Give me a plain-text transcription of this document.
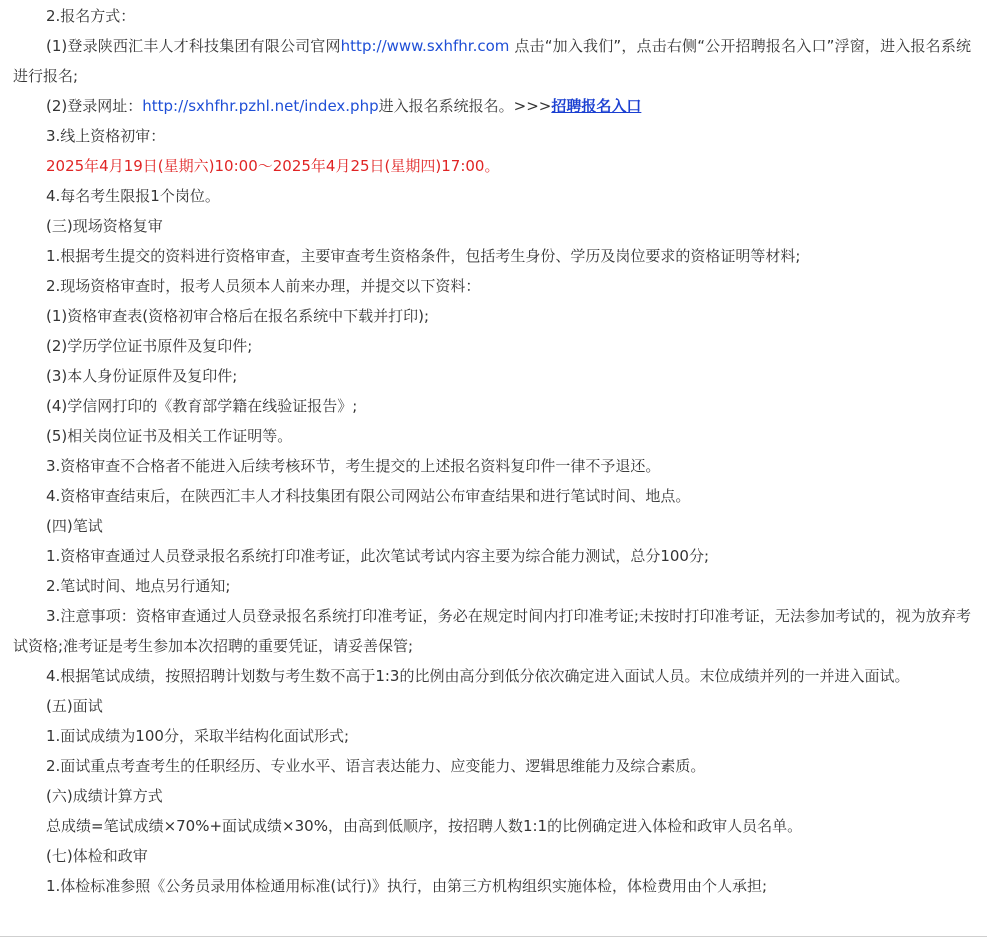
2.报名方式：

(1)登录陕西汇丰人才科技集团有限公司官网http://www.sxhfhr.com 点击“加入我们”，点击右侧“公开招聘报名入口”浮窗，进入报名系统进行报名;

(2)登录网址：http://sxhfhr.pzhl.net/index.php进入报名系统报名。>>>招聘报名入口

3.线上资格初审：

2025年4月19日(星期六)10:00～2025年4月25日(星期四)17:00。

4.每名考生限报1个岗位。

(三)现场资格复审

1.根据考生提交的资料进行资格审查，主要审查考生资格条件，包括考生身份、学历及岗位要求的资格证明等材料;

2.现场资格审查时，报考人员须本人前来办理，并提交以下资料：

(1)资格审查表(资格初审合格后在报名系统中下载并打印);

(2)学历学位证书原件及复印件;

(3)本人身份证原件及复印件;

(4)学信网打印的《教育部学籍在线验证报告》;

(5)相关岗位证书及相关工作证明等。

3.资格审查不合格者不能进入后续考核环节，考生提交的上述报名资料复印件一律不予退还。

4.资格审查结束后，在陕西汇丰人才科技集团有限公司网站公布审查结果和进行笔试时间、地点。

(四)笔试

1.资格审查通过人员登录报名系统打印准考证，此次笔试考试内容主要为综合能力测试，总分100分;

2.笔试时间、地点另行通知;

3.注意事项：资格审查通过人员登录报名系统打印准考证，务必在规定时间内打印准考证;未按时打印准考证，无法参加考试的，视为放弃考试资格;准考证是考生参加本次招聘的重要凭证，请妥善保管;

4.根据笔试成绩，按照招聘计划数与考生数不高于1:3的比例由高分到低分依次确定进入面试人员。末位成绩并列的一并进入面试。

(五)面试

1.面试成绩为100分，采取半结构化面试形式;

2.面试重点考查考生的任职经历、专业水平、语言表达能力、应变能力、逻辑思维能力及综合素质。

(六)成绩计算方式

总成绩=笔试成绩×70%+面试成绩×30%，由高到低顺序，按招聘人数1:1的比例确定进入体检和政审人员名单。

(七)体检和政审

1.体检标准参照《公务员录用体检通用标准(试行)》执行，由第三方机构组织实施体检，体检费用由个人承担;
